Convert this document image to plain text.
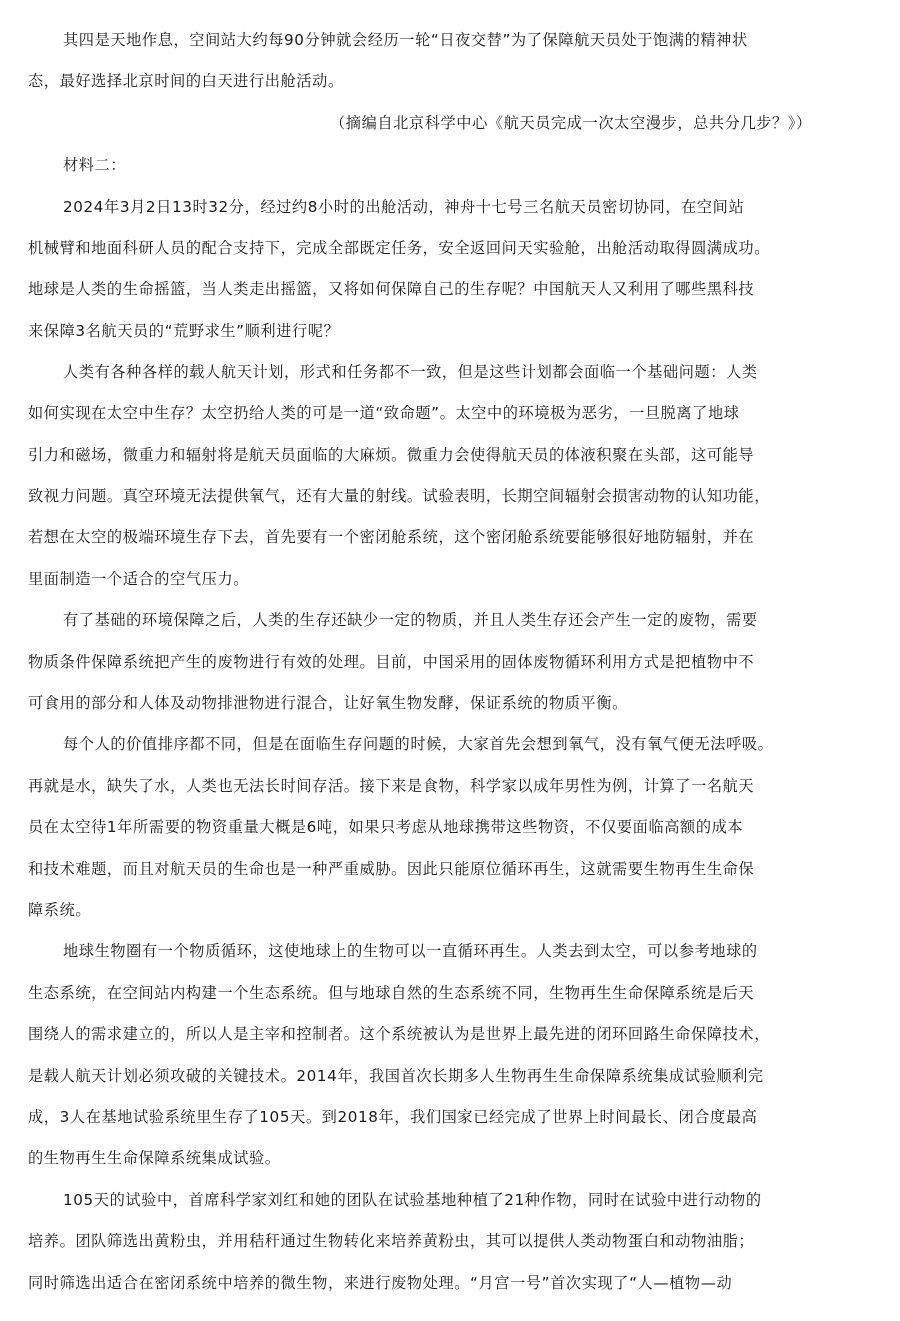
其四是天地作息，空间站大约每90分钟就会经历一轮“日夜交替”为了保障航天员处于饱满的精神状
态，最好选择北京时间的白天进行出舱活动。
（摘编自北京科学中心《航天员完成一次太空漫步，总共分几步？》）
材料二：
2024年3月2日13时32分，经过约8小时的出舱活动，神舟十七号三名航天员密切协同，在空间站
机械臂和地面科研人员的配合支持下，完成全部既定任务，安全返回问天实验舱，出舱活动取得圆满成功。
地球是人类的生命摇篮，当人类走出摇篮，又将如何保障自己的生存呢？中国航天人又利用了哪些黑科技
来保障3名航天员的“荒野求生”顺利进行呢？
人类有各种各样的载人航天计划，形式和任务都不一致，但是这些计划都会面临一个基础问题：人类
如何实现在太空中生存？太空扔给人类的可是一道“致命题”。太空中的环境极为恶劣，一旦脱离了地球
引力和磁场，微重力和辐射将是航天员面临的大麻烦。微重力会使得航天员的体液积聚在头部，这可能导
致视力问题。真空环境无法提供氧气，还有大量的射线。试验表明，长期空间辐射会损害动物的认知功能，
若想在太空的极端环境生存下去，首先要有一个密闭舱系统，这个密闭舱系统要能够很好地防辐射，并在
里面制造一个适合的空气压力。
有了基础的环境保障之后，人类的生存还缺少一定的物质，并且人类生存还会产生一定的废物，需要
物质条件保障系统把产生的废物进行有效的处理。目前，中国采用的固体废物循环利用方式是把植物中不
可食用的部分和人体及动物排泄物进行混合，让好氧生物发酵，保证系统的物质平衡。
每个人的价值排序都不同，但是在面临生存问题的时候，大家首先会想到氧气，没有氧气便无法呼吸。
再就是水，缺失了水，人类也无法长时间存活。接下来是食物，科学家以成年男性为例，计算了一名航天
员在太空待1年所需要的物资重量大概是6吨，如果只考虑从地球携带这些物资，不仅要面临高额的成本
和技术难题，而且对航天员的生命也是一种严重威胁。因此只能原位循环再生，这就需要生物再生生命保
障系统。
地球生物圈有一个物质循环，这使地球上的生物可以一直循环再生。人类去到太空，可以参考地球的
生态系统，在空间站内构建一个生态系统。但与地球自然的生态系统不同，生物再生生命保障系统是后天
围绕人的需求建立的，所以人是主宰和控制者。这个系统被认为是世界上最先进的闭环回路生命保障技术，
是载人航天计划必须攻破的关键技术。2014年，我国首次长期多人生物再生生命保障系统集成试验顺利完
成，3人在基地试验系统里生存了105天。到2018年，我们国家已经完成了世界上时间最长、闭合度最高
的生物再生生命保障系统集成试验。
105天的试验中，首席科学家刘红和她的团队在试验基地种植了21种作物，同时在试验中进行动物的
培养。团队筛选出黄粉虫，并用秸秆通过生物转化来培养黄粉虫，其可以提供人类动物蛋白和动物油脂；
同时筛选出适合在密闭系统中培养的微生物，来进行废物处理。“月宫一号”首次实现了“人—植物—动
